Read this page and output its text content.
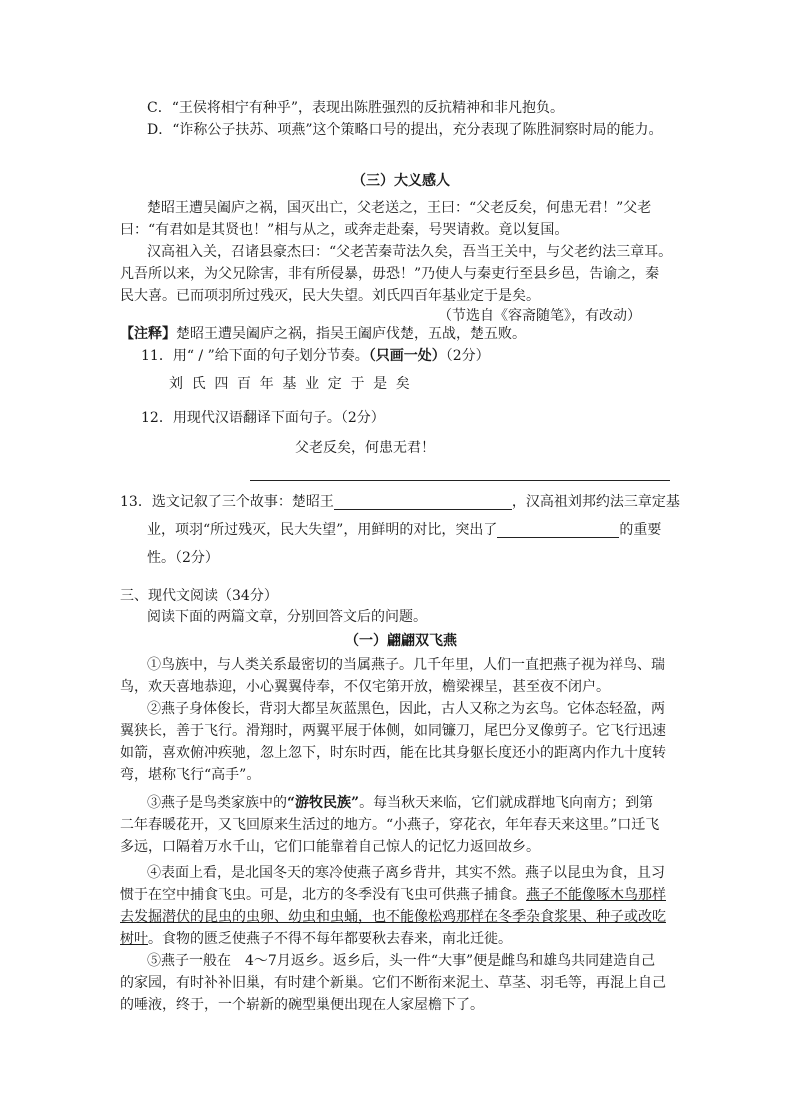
C．“王侯将相宁有种乎”，表现出陈胜强烈的反抗精神和非凡抱负。
D．“诈称公子扶苏、项燕”这个策略口号的提出，充分表现了陈胜洞察时局的能力。
（三）大义感人
楚昭王遭吴阖庐之祸，国灭出亡，父老送之，王曰：“父老反矣，何患无君！”父老
曰：“有君如是其贤也！”相与从之，或奔走赴秦，号哭请救。竟以复国。
汉高祖入关，召诸县豪杰曰：“父老苦秦苛法久矣，吾当王关中，与父老约法三章耳。
凡吾所以来，为父兄除害，非有所侵暴，毋恐！”乃使人与秦吏行至县乡邑，告谕之，秦
民大喜。已而项羽所过残灭，民大失望。刘氏四百年基业定于是矣。
（节选自《容斋随笔》，有改动）
【注释】楚昭王遭吴阖庐之祸，指吴王阖庐伐楚，五战，楚五败。
11．用“ / ”给下面的句子划分节奏。（只画一处）（2分）
刘氏四百年基业定于是矣
12．用现代汉语翻译下面句子。（2分）
父老反矣，何患无君！
13．选文记叙了三个故事：楚昭王	，汉高祖刘邦约法三章定基
业，项羽“所过残灭，民大失望”，用鲜明的对比，突出了	的重要
性。（2分）
三、现代文阅读（34分）
阅读下面的两篇文章，分别回答文后的问题。
（一）翩翩双飞燕
①鸟族中，与人类关系最密切的当属燕子。几千年里，人们一直把燕子视为祥鸟、瑞
鸟，欢天喜地恭迎，小心翼翼侍奉，不仅宅第开放，檐梁裸呈，甚至夜不闭户。
②燕子身体俊长，背羽大都呈灰蓝黑色，因此，古人又称之为玄鸟。它体态轻盈，两
翼狭长，善于飞行。滑翔时，两翼平展于体侧，如同镰刀，尾巴分叉像剪子。它飞行迅速
如箭，喜欢俯冲疾驰，忽上忽下，时东时西，能在比其身躯长度还小的距离内作九十度转
弯，堪称飞行“高手”。
③燕子是鸟类家族中的“游牧民族”。每当秋天来临，它们就成群地飞向南方；到第
二年春暖花开，又飞回原来生活过的地方。“小燕子，穿花衣，年年春天来这里。”口迁飞
多远，口隔着万水千山，它们口能靠着自己惊人的记忆力返回故乡。
④表面上看，是北国冬天的寒冷使燕子离乡背井，其实不然。燕子以昆虫为食，且习
惯于在空中捕食飞虫。可是，北方的冬季没有飞虫可供燕子捕食。燕子不能像啄木鸟那样
去发掘潜伏的昆虫的虫卵、幼虫和虫蛹，也不能像松鸡那样在冬季杂食浆果、种子或改吃
树叶。食物的匮乏使燕子不得不每年都要秋去春来，南北迁徙。
⑤燕子一般在　4～7月返乡。返乡后，头一件“大事”便是雌鸟和雄鸟共同建造自己
的家园，有时补补旧巢，有时建个新巢。它们不断衔来泥土、草茎、羽毛等，再混上自己
的唾液，终于，一个崭新的碗型巢便出现在人家屋檐下了。
